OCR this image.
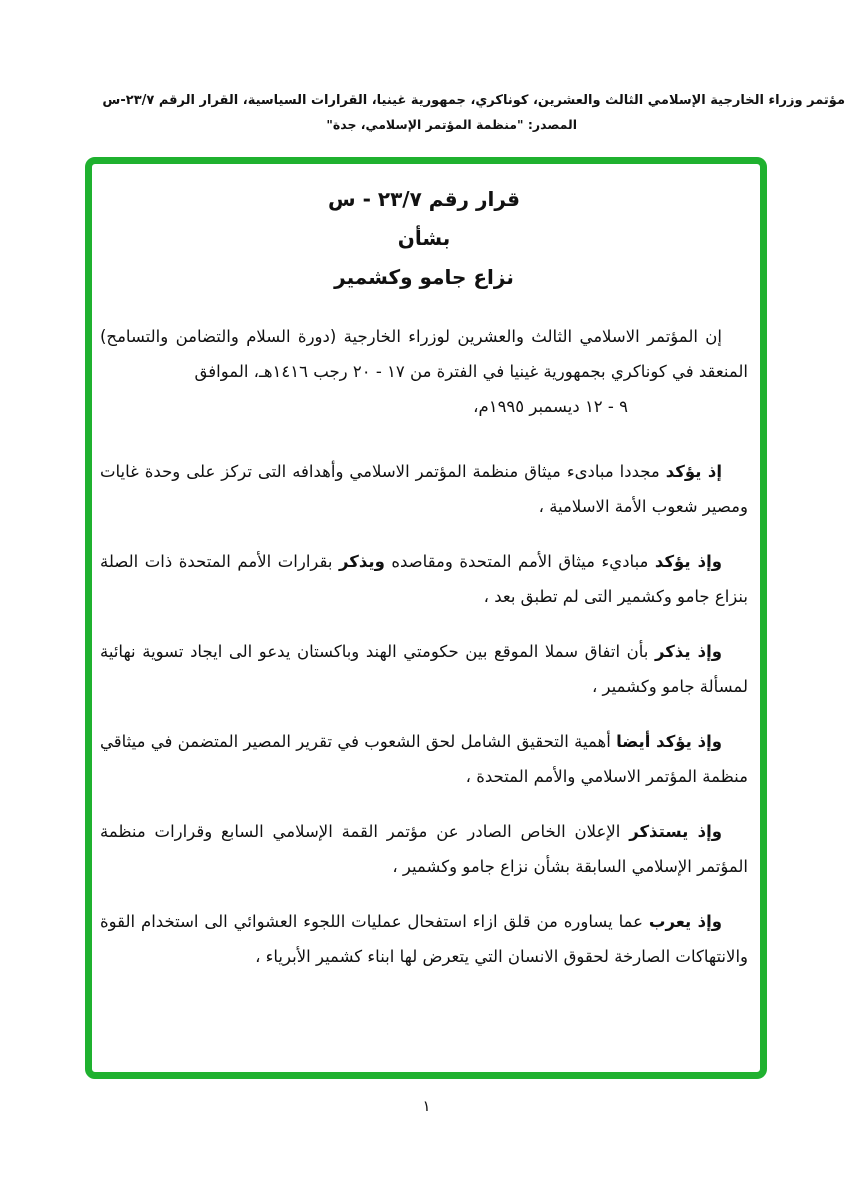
مؤتمر وزراء الخارجية الإسلامي الثالث والعشرين، كوناكري، جمهورية غينيا، القرارات السياسية، القرار الرقم ٢٣/٧-س
المصدر: "منظمة المؤتمر الإسلامي، جدة"
قرار رقم ٢٣/٧ - س
بشأن
نزاع جامو وكشمير

إن المؤتمر الاسلامي الثالث والعشرين لوزراء الخارجية (دورة السلام والتضامن والتسامح) المنعقد في كوناكري بجمهورية غينيا في الفترة من ١٧ - ٢٠ رجب ١٤١٦هـ، الموافق
٩ - ١٢ ديسمبر ١٩٩٥م،

إذ يؤكد مجددا مبادىء ميثاق منظمة المؤتمر الاسلامي وأهدافه التى تركز على وحدة غايات ومصير شعوب الأمة الاسلامية ،

وإذ يؤكد مباديء ميثاق الأمم المتحدة ومقاصده ويذكر بقرارات الأمم المتحدة ذات الصلة بنزاع جامو وكشمير التى لم تطبق بعد ،

وإذ يذكر بأن اتفاق سملا الموقع بين حكومتي الهند وباكستان يدعو الى ايجاد تسوية نهائية لمسألة جامو وكشمير ،

وإذ يؤكد أيضا أهمية التحقيق الشامل لحق الشعوب في تقرير المصير المتضمن في ميثاقي منظمة المؤتمر الاسلامي والأمم المتحدة ،

وإذ يستذكر الإعلان الخاص الصادر عن مؤتمر القمة الإسلامي السابع وقرارات منظمة المؤتمر الإسلامي السابقة بشأن نزاع جامو وكشمير ،

وإذ يعرب عما يساوره من قلق ازاء استفحال عمليات اللجوء العشوائي الى استخدام القوة والانتهاكات الصارخة لحقوق الانسان التي يتعرض لها ابناء كشمير الأبرياء ،

١
